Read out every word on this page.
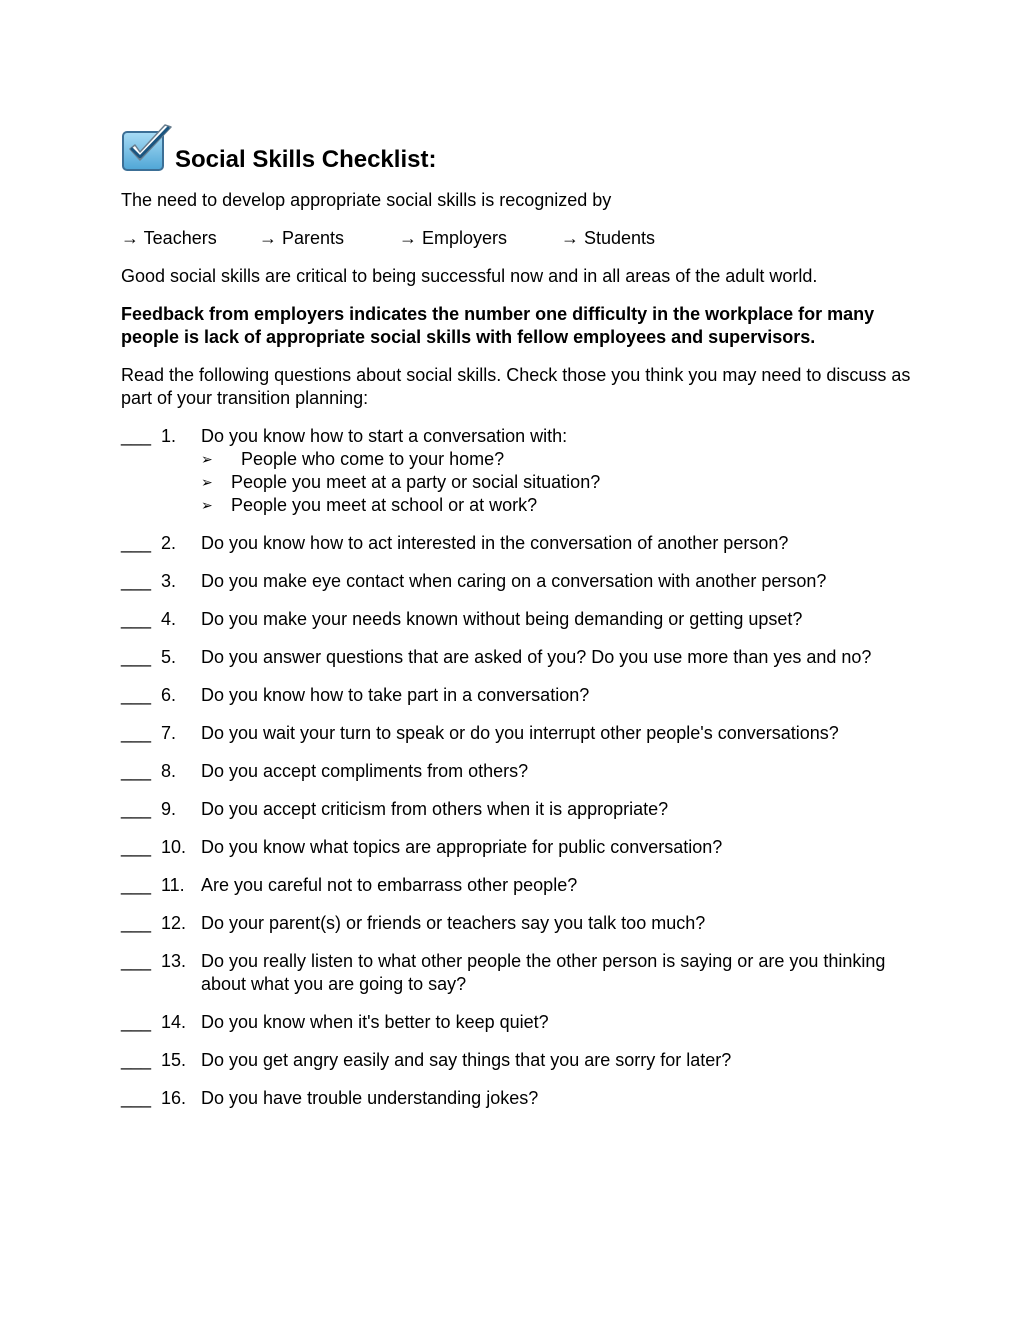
Social Skills Checklist:

The need to develop appropriate social skills is recognized by

→ Teachers	→ Parents	→ Employers	→ Students

Good social skills are critical to being successful now and in all areas of the adult world.

Feedback from employers indicates the number one difficulty in the workplace for many people is lack of appropriate social skills with fellow employees and supervisors.

Read the following questions about social skills. Check those you think you may need to discuss as part of your transition planning:

___ 1.	Do you know how to start a conversation with:
➢	People who come to your home?
➢	People you meet at a party or social situation?
➢	People you meet at school or at work?
___ 2.	Do you know how to act interested in the conversation of another person?
___ 3.	Do you make eye contact when caring on a conversation with another person?
___ 4.	Do you make your needs known without being demanding or getting upset?
___ 5.	Do you answer questions that are asked of you? Do you use more than yes and no?
___ 6.	Do you know how to take part in a conversation?
___ 7.	Do you wait your turn to speak or do you interrupt other people's conversations?
___ 8.	Do you accept compliments from others?
___ 9.	Do you accept criticism from others when it is appropriate?
___ 10. Do you know what topics are appropriate for public conversation?
___ 11. Are you careful not to embarrass other people?
___ 12. Do your parent(s) or friends or teachers say you talk too much?
___ 13. Do you really listen to what other people the other person is saying or are you thinking about what you are going to say?
___ 14. Do you know when it's better to keep quiet?
___ 15. Do you get angry easily and say things that you are sorry for later?
___ 16. Do you have trouble understanding jokes?
